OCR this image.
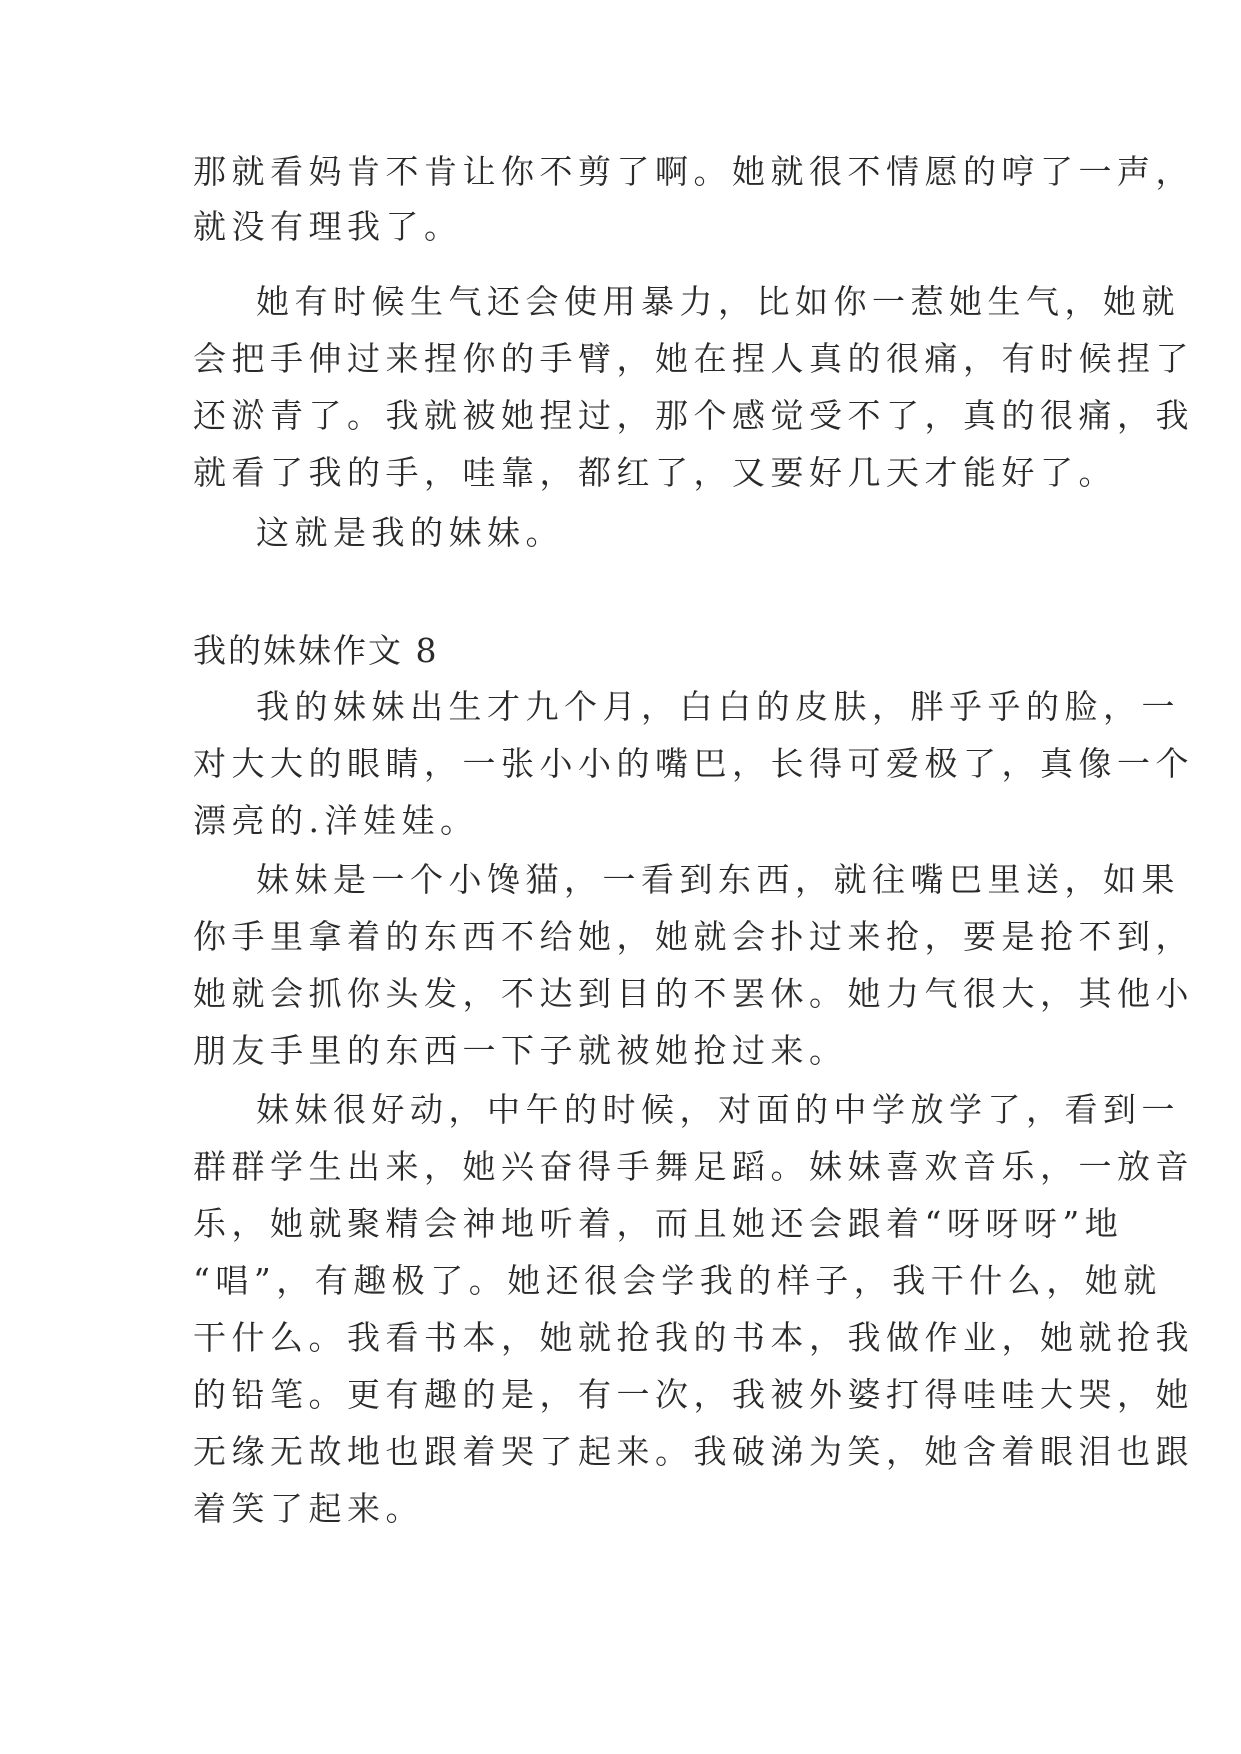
那就看妈肯不肯让你不剪了啊。她就很不情愿的哼了一声，

就没有理我了。

她有时候生气还会使用暴力，比如你一惹她生气，她就

会把手伸过来捏你的手臂，她在捏人真的很痛，有时候捏了

还淤青了。我就被她捏过，那个感觉受不了，真的很痛，我

就看了我的手，哇靠，都红了，又要好几天才能好了。

这就是我的妹妹。

我的妹妹作文 8

我的妹妹出生才九个月，白白的皮肤，胖乎乎的脸，一

对大大的眼睛，一张小小的嘴巴，长得可爱极了，真像一个

漂亮的.洋娃娃。

妹妹是一个小馋猫，一看到东西，就往嘴巴里送，如果

你手里拿着的东西不给她，她就会扑过来抢，要是抢不到，

她就会抓你头发，不达到目的不罢休。她力气很大，其他小

朋友手里的东西一下子就被她抢过来。

妹妹很好动，中午的时候，对面的中学放学了，看到一

群群学生出来，她兴奋得手舞足蹈。妹妹喜欢音乐，一放音

乐，她就聚精会神地听着，而且她还会跟着“呀呀呀”地

“唱”，有趣极了。她还很会学我的样子，我干什么，她就

干什么。我看书本，她就抢我的书本，我做作业，她就抢我

的铅笔。更有趣的是，有一次，我被外婆打得哇哇大哭，她

无缘无故地也跟着哭了起来。我破涕为笑，她含着眼泪也跟

着笑了起来。
